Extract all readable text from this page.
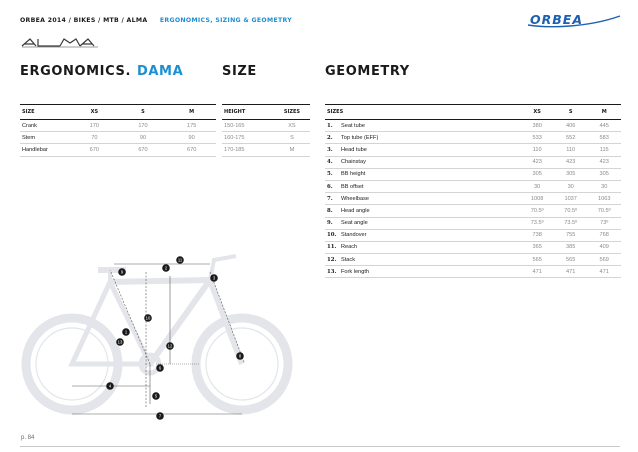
ORBEA 2014 / BIKES / MTB / ALMA ERGONOMICS, SIZING & GEOMETRY	ORBEA
ERGONOMICS. DAMA	SIZE	GEOMETRY
SIZE	XS	S	M
Crank	170	170	175
Stem	70	90	90
Handlebar	670	670	670
HEIGHT	SIZES
150-165	XS
160-175	S
170-185	M
SIZES		XS	S	M
1.	Seat tube	380	406	445
2.	Top tube (EFF)	533	552	583
3.	Head tube	110	110	115
4.	Chainstay	423	423	423
5.	BB height	305	305	305
6.	BB offset	30	30	30
7.	Wheelbase	1008	1037	1063
8.	Head angle	70.5º	70.5º	70.5º
9.	Seat angle	73.5º	73.5º	73º
10.	Standover	738	755	768
11.	Reach	365	385	409
12.	Stack	565	565	569
13.	Fork length	471	471	471
1
2
3
4
5
6
7
8
9
10
11
12
13
p. 84
